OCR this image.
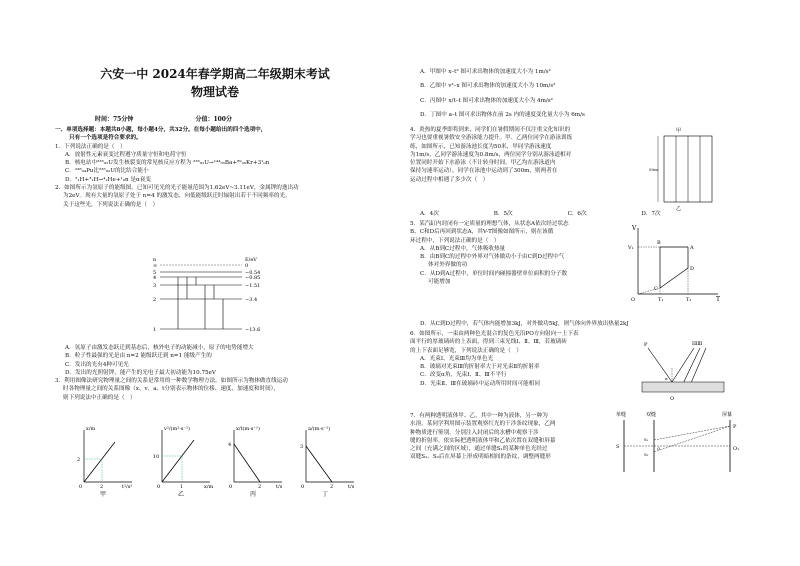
六安一中 2024年春学期高二年级期末考试
物理试卷
时间：75分钟	分值：100分

一、单项选择题：本题共8小题，每小题4分，共32分。在每小题给出的四个选项中，

只有一个选项是符合要求的。

1．下列说法正确的是（　）

A．放射性元素衰变过程遵守质量守恒和电荷守恒

B．核电站中²³⁵₉₂U发生核裂变的常见核反应方程为 ²³⁵₉₂U→¹⁴⁴₅₆Ba+⁸⁹₃₆Kr+3¹₀n

C．²³⁸₉₄Pu比²³⁵₉₂U的比结合能小

D．²₁H+³₁H→⁴₂He+¹₀n 是α衰变

2．如图所示为氢原子的能级图，已知可见光的光子能量范围为1.62eV~3.11eV，金属钾的逸出功

为2eV。现有大量的氢原子处于 n=4 的激发态，向低能级跃迁时辐射出若干不同频率的光。

关于这些光，下列说法正确的是（　）

E/eV
n
∞	0
5	−0.54
4	−0.85
3	−1.51
2	−3.4
1	−13.6

A．氢原子由激发态跃迁到基态后，核外电子的动能减小，原子的电势能增大

B．粒子性最强的光是由 n=2 能级跃迁到 n=1 能级产生的

C．发出的光有4种可见光

D．发出的光照射钾，能产生的光电子最大初动能为10.75eV

3．利用图像法研究物理量之间的关系是常用的一种数学物理方法。如图所示为物体做直线运动

时各物理量之间的关系图像（x、v、a、t分别表示物体的位移、速度、加速度和时间），

则下列说法中正确的是（　）

x/m
2
0	2	t²/s²
甲
v²/(m²·s⁻²)
10
0	1	x/m
乙
x/t(m·s⁻¹)
4
0	2	t/s
丙
a/(m·s⁻²)
3
0	2	t/s
丁

A．甲图中 x–t² 图可求出物体的加速度大小为 1m/s²

B．乙图中 v²–x 图可求出物体的加速度大小为 10m/s²

C．丙图中 x/t–t 图可求出物体的加速度大小为 4m/s²

D．丁图中 a–t 图可求出物体在前 2s 内的速度变化量大小为 6m/s

4．炎热的夏季即将到来，同学们在暑假期间不仅注重文化知识的

学习也要重视暑假安全游泳能力提升。甲、乙两位同学在游泳训练

练，如图所示，已知游泳池长度为50米，甲同学游泳速度

为1m/s，乙同学游泳速度为0.8m/s，两位同学分别从游泳道相对

位置同时开始下水游泳（不计转身时间，甲乙均在游泳道内

保持匀速率运动），同学在泳池中运动到了300m，则两者在

运动过程中相遇了多少次（　）

A．4次	B．5次	C．6次	D．7次
甲
50m
乙

5．某汽缸内封闭有一定质量的理想气体，从状态A依次经过状态

B、C和D后再回到状态A，其V-T图像如图所示，则在该循

环过程中，下列说法正确的是（　）

A．从B到C过程中，气体吸收热量

B．由B到C的过程中外界对气体做功小于由C到D过程中气

体对外界做的功

C．从D到A过程中，单位时间内碰撞器壁单位面积的分子数

可能增加

D．从C到D过程中，若气体内能增加3kJ，对外做功5kJ，则气体向外界放出热量2kJ

V
T
O
V₁
T₁	T₂
B
A
C
D

6．如图所示，一束由两种色光混合的复色光沿PO方向射向一上下表

面平行的厚玻璃砖的上表面，得到三束光线Ⅰ、Ⅱ、Ⅲ，若玻璃砖

的上下表面足够宽，下列说法正确的是（　）

A．光束Ⅰ、光束Ⅲ均为单色光

B．玻璃对光束Ⅲ的折射率大于对光束Ⅱ的折射率

C．改变α角，光束Ⅰ、Ⅱ、Ⅲ不平行

D．光束Ⅱ、Ⅲ在玻璃砖中运动所用时间可能相同

P	ⅠⅡⅢ
α
O

7．有两种透明液体甲、乙，其中一种为液体，另一种为

水溶。某同学利用图示装置观察红光的干涉条纹现象，乙两

种物质进行鉴别，分别注入封闭后的水槽中观察干涉

缝的折射率，依实际把透明液体甲和乙依次置在双缝和屏幕

之间（充满之间的区域），通过单缝S₁的某种单色光经过

双缝S₁、S₂后在屏幕上形成明暗相间的条纹，调整两缝形

单缝	双缝	屏幕
S
S₁
S₂
O
P
O₁
